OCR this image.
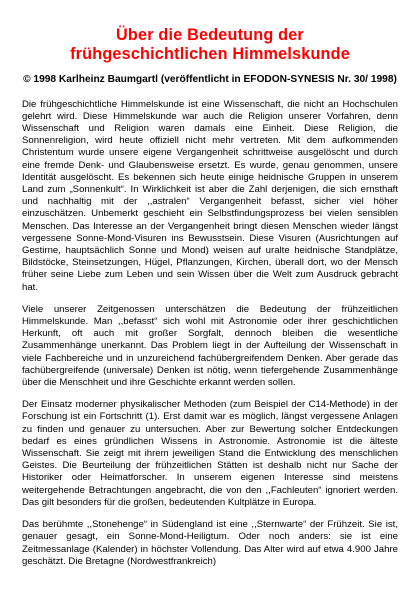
Über die Bedeutung der
frühgeschichtlichen Himmelskunde

© 1998 Karlheinz Baumgartl (veröffentlicht in EFODON-SYNESIS Nr. 30/ 1998)

Die frühgeschichtliche Himmelskunde ist eine Wissenschaft, die nicht an Hochschulen gelehrt wird. Diese Himmelskunde war auch die Religion unserer Vorfahren, denn Wissenschaft und Religion waren damals eine Einheit. Diese Religion, die Sonnenreligion, wird heute offiziell nicht mehr vertreten. Mit dem aufkommenden Christentum wurde unsere eigene Vergangenheit schrittweise ausgelöscht und durch eine fremde Denk- und Glaubensweise ersetzt. Es wurde, genau genommen, unsere Identität ausgelöscht. Es bekennen sich heute einige heidnische Gruppen in unserem Land zum „Sonnenkult“. In Wirklichkeit ist aber die Zahl derjenigen, die sich ernsthaft und nachhaltig mit der ,,astralen“ Vergangenheit befasst, sicher viel höher einzuschätzen. Unbemerkt geschieht ein Selbstfindungsprozess bei vielen sensiblen Menschen. Das Interesse an der Vergangenheit bringt diesen Menschen wieder längst vergessene Sonne-Mond-Visuren ins Bewusstsein. Diese Visuren (Ausrichtungen auf Gestirne, hauptsächlich Sonne und Mond) weisen auf uralte heidnische Standplätze, Bildstöcke, Steinsetzungen, Hügel, Pflanzungen, Kirchen, überall dort, wo der Mensch früher seine Liebe zum Leben und sein Wissen über die Welt zum Ausdruck gebracht hat.

Viele unserer Zeitgenossen unterschätzen die Bedeutung der frühzeitlichen Himmelskunde. Man ,,befasst“ sich wohl mit Astronomie oder ihrer geschichtlichen Herkunft, oft auch mit großer Sorgfalt, dennoch bleiben die wesentliche Zusammenhänge unerkannt. Das Problem liegt in der Aufteilung der Wissenschaft in viele Fachbereiche und in unzureichend fachübergreifendem Denken. Aber gerade das fachübergreifende (universale) Denken ist nötig, wenn tiefergehende Zusammenhänge über die Menschheit und ihre Geschichte erkannt werden sollen.

Der Einsatz moderner physikalischer Methoden (zum Beispiel der C14-Methode) in der Forschung ist ein Fortschritt (1). Erst damit war es möglich, längst vergessene Anlagen zu finden und genauer zu untersuchen. Aber zur Bewertung solcher Entdeckungen bedarf es eines gründlichen Wissens in Astronomie. Astronomie ist die älteste Wissenschaft. Sie zeigt mit ihrem jeweiligen Stand die Entwicklung des menschlichen Geistes. Die Beurteilung der frühzeitlichen Stätten ist deshalb nicht nur Sache der Historiker oder Heimatforscher. In unserem eigenen Interesse sind meistens weitergehende Betrachtungen angebracht, die von den ,,Fachleuten“ ignoriert werden. Das gilt besonders für die großen, bedeutenden Kultplätze in Europa.

Das berühmte ,,Stonehenge“ in Südengland ist eine ,,Sternwarte“ der Frühzeit. Sie ist, genauer gesagt, ein Sonne-Mond-Heiligtum. Oder noch anders: sie ist eine Zeitmessanlage (Kalender) in höchster Vollendung. Das Alter wird auf etwa 4.900 Jahre geschätzt. Die Bretagne (Nordwestfrankreich)
